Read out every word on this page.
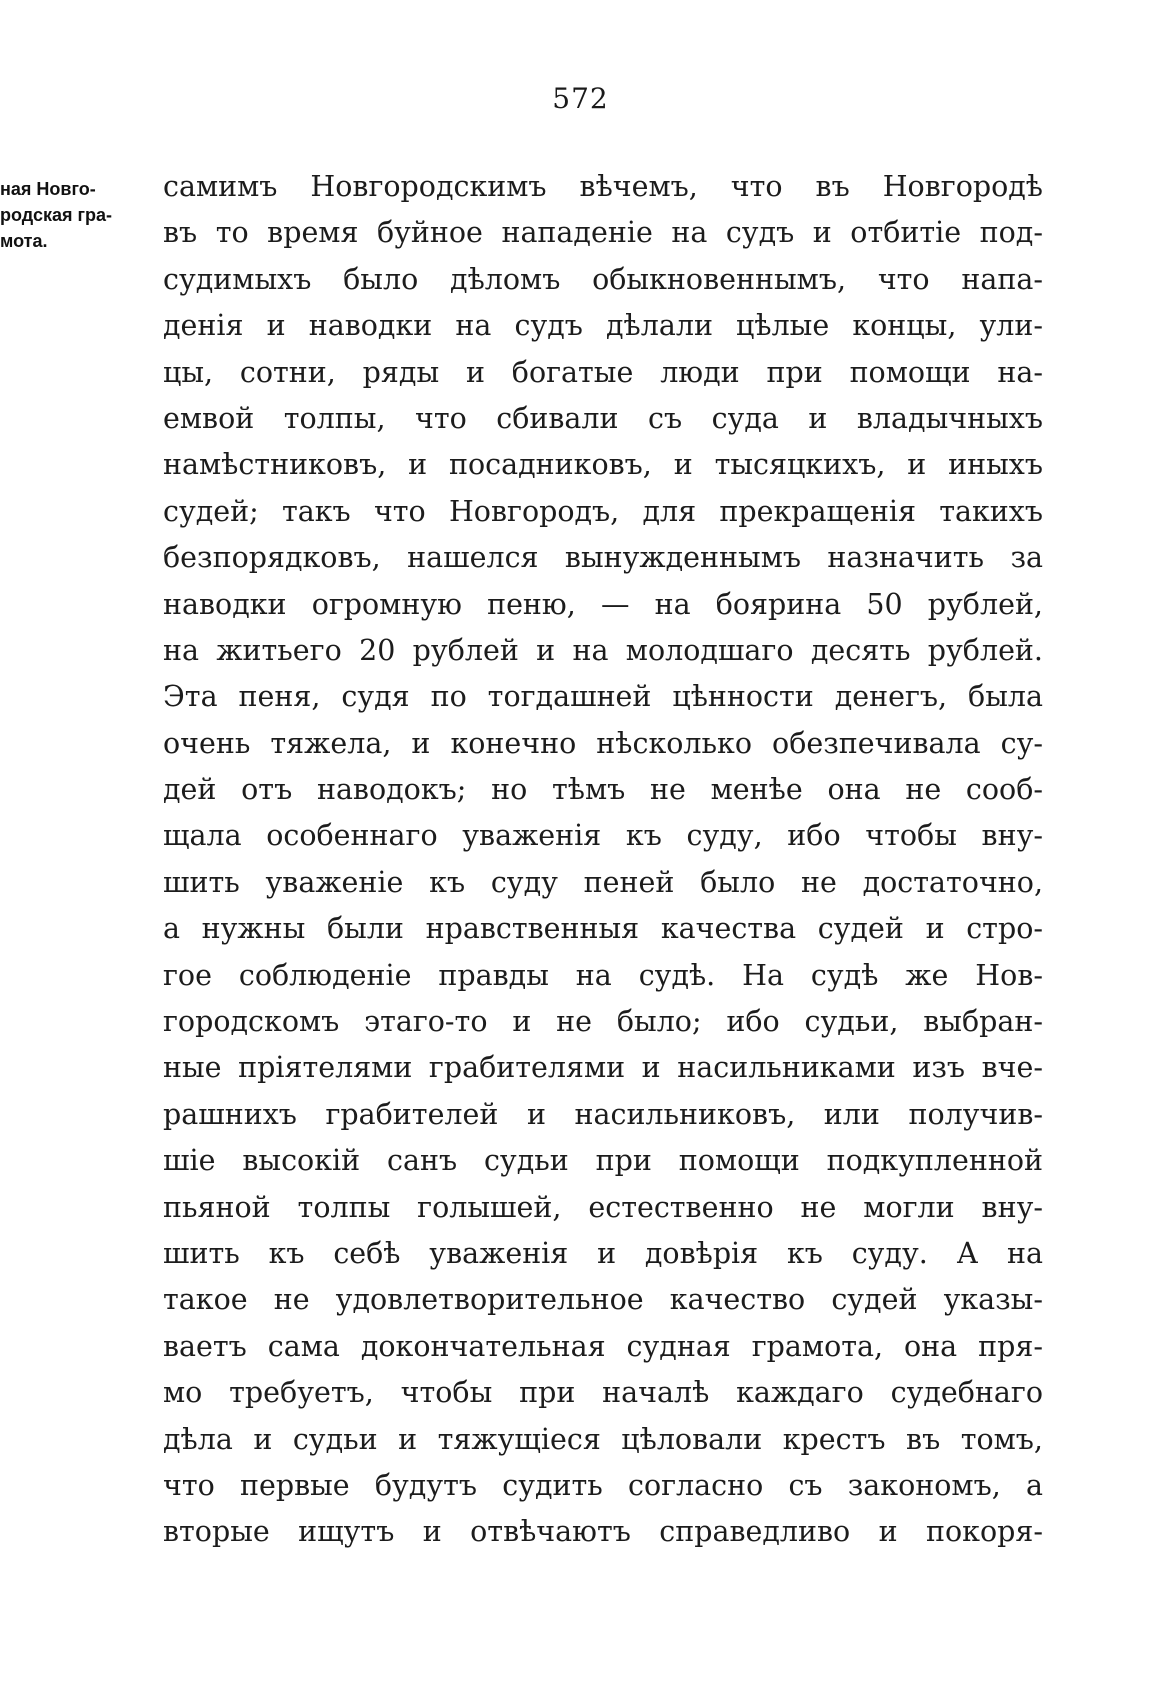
572
ная Новго-
родская гра-
мота.
самимъ Новгородскимъ вѣчемъ, что въ Новгородѣ
въ то время буйное нападеніе на судъ и отбитіе под-
судимыхъ было дѣломъ обыкновеннымъ, что напа-
денія и наводки на судъ дѣлали цѣлые концы, ули-
цы, сотни, ряды и богатые люди при помощи на-
емвой толпы, что сбивали съ суда и владычныхъ
намѣстниковъ, и посадниковъ, и тысяцкихъ, и иныхъ
судей; такъ что Новгородъ, для прекращенія такихъ
безпорядковъ, нашелся вынужденнымъ назначить за
наводки огромную пеню, — на боярина 50 рублей,
на житьего 20 рублей и на молодшаго десять рублей.
Эта пеня, судя по тогдашней цѣнности денегъ, была
очень тяжела, и конечно нѣсколько обезпечивала су-
дей отъ наводокъ; но тѣмъ не менѣе она не сооб-
щала особеннаго уваженія къ суду, ибо чтобы вну-
шить уваженіе къ суду пеней было не достаточно,
а нужны были нравственныя качества судей и стро-
гое соблюденіе правды на судѣ. На судѣ же Нов-
городскомъ этаго-то и не было; ибо судьи, выбран-
ные пріятелями грабителями и насильниками изъ вче-
рашнихъ грабителей и насильниковъ, или получив-
шіе высокій санъ судьи при помощи подкупленной
пьяной толпы голышей, естественно не могли вну-
шить къ себѣ уваженія и довѣрія къ суду. А на
такое не удовлетворительное качество судей указы-
ваетъ сама докончательная судная грамота, она пря-
мо требуетъ, чтобы при началѣ каждаго судебнаго
дѣла и судьи и тяжущіеся цѣловали крестъ въ томъ,
что первые будутъ судить согласно съ закономъ, а
вторые ищутъ и отвѣчаютъ справедливо и покоря-
